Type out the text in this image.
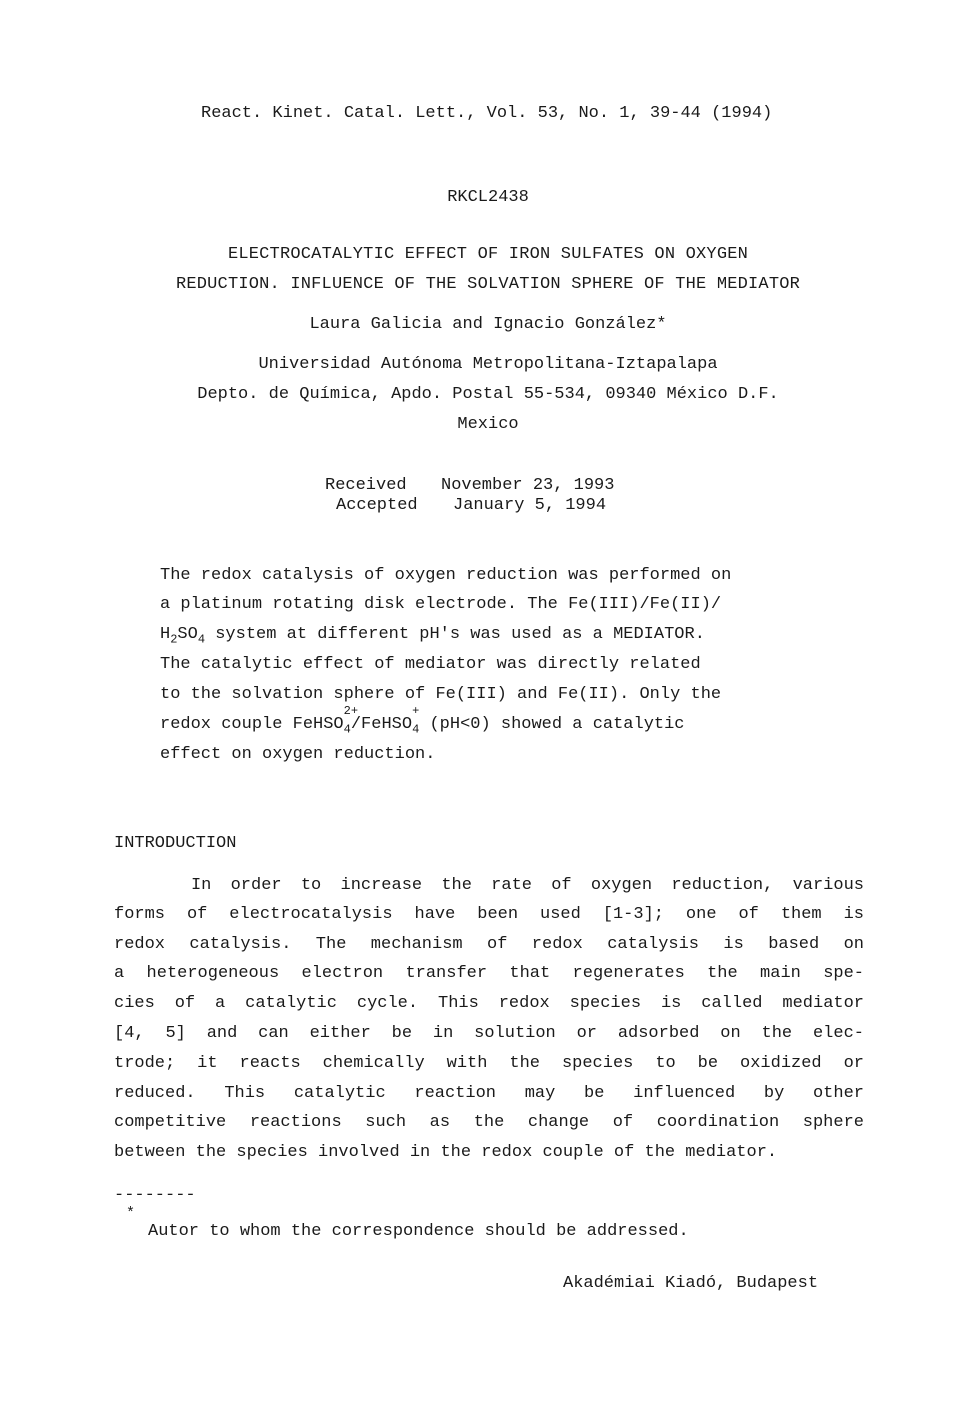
React. Kinet. Catal. Lett., Vol. 53, No. 1, 39-44 (1994)
RKCL2438
ELECTROCATALYTIC EFFECT OF IRON SULFATES ON OXYGEN
REDUCTION. INFLUENCE OF THE SOLVATION SPHERE OF THE MEDIATOR
Laura Galicia and Ignacio González*
Universidad Autónoma Metropolitana-Iztapalapa
Depto. de Química, Apdo. Postal 55-534, 09340 México D.F.
Mexico
Received November 23, 1993
Accepted January 5, 1994
The redox catalysis of oxygen reduction was performed on
a platinum rotating disk electrode. The Fe(III)/Fe(II)/
$H_2SO_4$ system at different pH's was used as a MEDIATOR.
The catalytic effect of mediator was directly related
to the solvation sphere of Fe(III) and Fe(II). Only the
redox couple FeHSO$_4$
2+
/FeHSO$_4$
+
(pH<0) showed a catalytic
effect on oxygen reduction.
INTRODUCTION
In order to increase the rate of oxygen reduction, various
forms of electrocatalysis have been used [1-3]; one of them is
redox catalysis. The mechanism of redox catalysis is based on
a heterogeneous electron transfer that regenerates the main spe-
cies of a catalytic cycle. This redox species is called mediator
[4, 5] and can either be in solution or adsorbed on the elec-
trode; it reacts chemically with the species to be oxidized or
reduced. This catalytic reaction may be influenced by other
competitive reactions such as the change of coordination sphere
between the species involved in the redox couple of the mediator.
--------
*
Autor to whom the correspondence should be addressed.
Akadémiai Kiadó, Budapest
